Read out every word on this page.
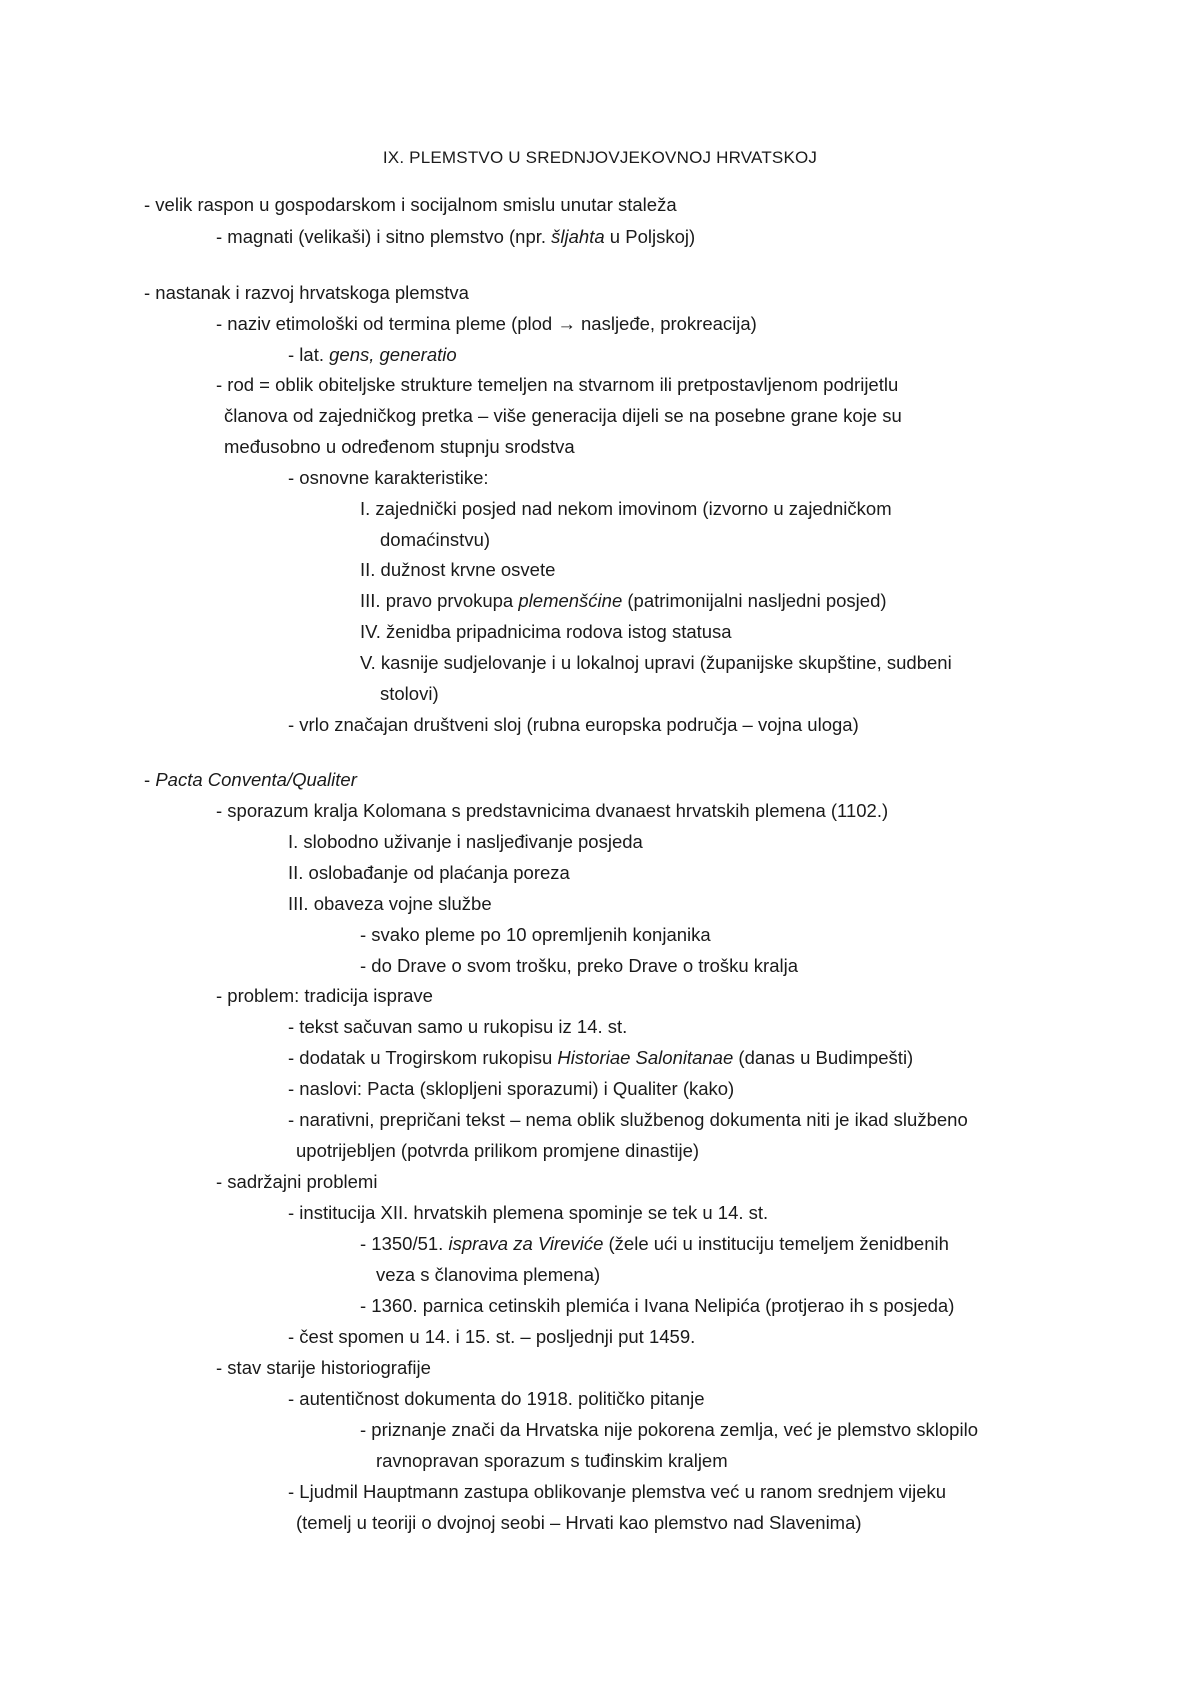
IX. PLEMSTVO U SREDNJOVJEKOVNOJ HRVATSKOJ
- velik raspon u gospodarskom i socijalnom smislu unutar staleža
- magnati (velikaši) i sitno plemstvo (npr. šljahta u Poljskoj)
- nastanak i razvoj hrvatskoga plemstva
- naziv etimološki od termina pleme (plod → nasljeđe, prokreacija)
- lat. gens, generatio
- rod = oblik obiteljske strukture temeljen na stvarnom ili pretpostavljenom podrijetlu
članova od zajedničkog pretka – više generacija dijeli se na posebne grane koje su
međusobno u određenom stupnju srodstva
- osnovne karakteristike:
I. zajednički posjed nad nekom imovinom (izvorno u zajedničkom
domaćinstvu)
II. dužnost krvne osvete
III. pravo prvokupa plemenšćine (patrimonijalni nasljedni posjed)
IV. ženidba pripadnicima rodova istog statusa
V. kasnije sudjelovanje i u lokalnoj upravi (županijske skupštine, sudbeni
stolovi)
- vrlo značajan društveni sloj (rubna europska područja – vojna uloga)
- Pacta Conventa/Qualiter
- sporazum kralja Kolomana s predstavnicima dvanaest hrvatskih plemena (1102.)
I. slobodno uživanje i nasljeđivanje posjeda
II. oslobađanje od plaćanja poreza
III. obaveza vojne službe
- svako pleme po 10 opremljenih konjanika
- do Drave o svom trošku, preko Drave o trošku kralja
- problem: tradicija isprave
- tekst sačuvan samo u rukopisu iz 14. st.
- dodatak u Trogirskom rukopisu Historiae Salonitanae (danas u Budimpešti)
- naslovi: Pacta (sklopljeni sporazumi) i Qualiter (kako)
- narativni, prepričani tekst – nema oblik službenog dokumenta niti je ikad službeno
upotrijebljen (potvrda prilikom promjene dinastije)
- sadržajni problemi
- institucija XII. hrvatskih plemena spominje se tek u 14. st.
- 1350/51. isprava za Vireviće (žele ući u instituciju temeljem ženidbenih
veza s članovima plemena)
- 1360. parnica cetinskih plemića i Ivana Nelipića (protjerao ih s posjeda)
- čest spomen u 14. i 15. st. – posljednji put 1459.
- stav starije historiografije
- autentičnost dokumenta do 1918. političko pitanje
- priznanje znači da Hrvatska nije pokorena zemlja, već je plemstvo sklopilo
ravnopravan sporazum s tuđinskim kraljem
- Ljudmil Hauptmann zastupa oblikovanje plemstva već u ranom srednjem vijeku
(temelj u teoriji o dvojnoj seobi – Hrvati kao plemstvo nad Slavenima)
